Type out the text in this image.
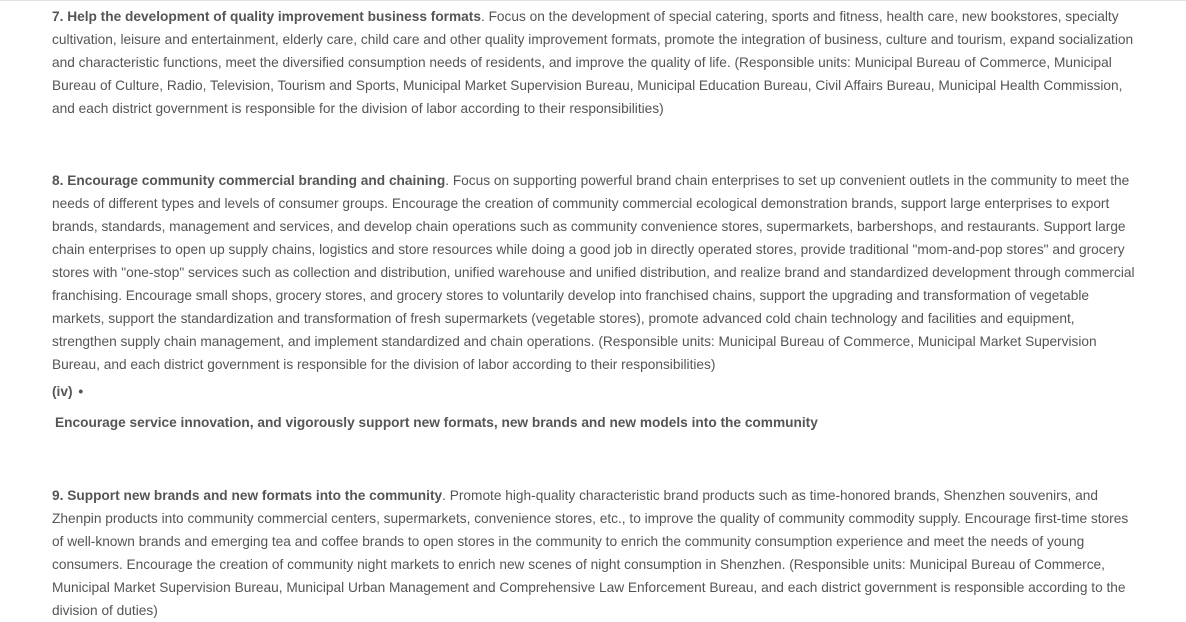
7. Help the development of quality improvement business formats. Focus on the development of special catering, sports and fitness, health care, new bookstores, specialty cultivation, leisure and entertainment, elderly care, child care and other quality improvement formats, promote the integration of business, culture and tourism, expand socialization and characteristic functions, meet the diversified consumption needs of residents, and improve the quality of life. (Responsible units: Municipal Bureau of Commerce, Municipal Bureau of Culture, Radio, Television, Tourism and Sports, Municipal Market Supervision Bureau, Municipal Education Bureau, Civil Affairs Bureau, Municipal Health Commission, and each district government is responsible for the division of labor according to their responsibilities)

8. Encourage community commercial branding and chaining. Focus on supporting powerful brand chain enterprises to set up convenient outlets in the community to meet the needs of different types and levels of consumer groups. Encourage the creation of community commercial ecological demonstration brands, support large enterprises to export brands, standards, management and services, and develop chain operations such as community convenience stores, supermarkets, barbershops, and restaurants. Support large chain enterprises to open up supply chains, logistics and store resources while doing a good job in directly operated stores, provide traditional "mom-and-pop stores" and grocery stores with "one-stop" services such as collection and distribution, unified warehouse and unified distribution, and realize brand and standardized development through commercial franchising. Encourage small shops, grocery stores, and grocery stores to voluntarily develop into franchised chains, support the upgrading and transformation of vegetable markets, support the standardization and transformation of fresh supermarkets (vegetable stores), promote advanced cold chain technology and facilities and equipment, strengthen supply chain management, and implement standardized and chain operations. (Responsible units: Municipal Bureau of Commerce, Municipal Market Supervision Bureau, and each district government is responsible for the division of labor according to their responsibilities)

(iv) •
Encourage service innovation, and vigorously support new formats, new brands and new models into the community

9. Support new brands and new formats into the community. Promote high-quality characteristic brand products such as time-honored brands, Shenzhen souvenirs, and Zhenpin products into community commercial centers, supermarkets, convenience stores, etc., to improve the quality of community commodity supply. Encourage first-time stores of well-known brands and emerging tea and coffee brands to open stores in the community to enrich the community consumption experience and meet the needs of young consumers. Encourage the creation of community night markets to enrich new scenes of night consumption in Shenzhen. (Responsible units: Municipal Bureau of Commerce, Municipal Market Supervision Bureau, Municipal Urban Management and Comprehensive Law Enforcement Bureau, and each district government is responsible according to the division of duties)
